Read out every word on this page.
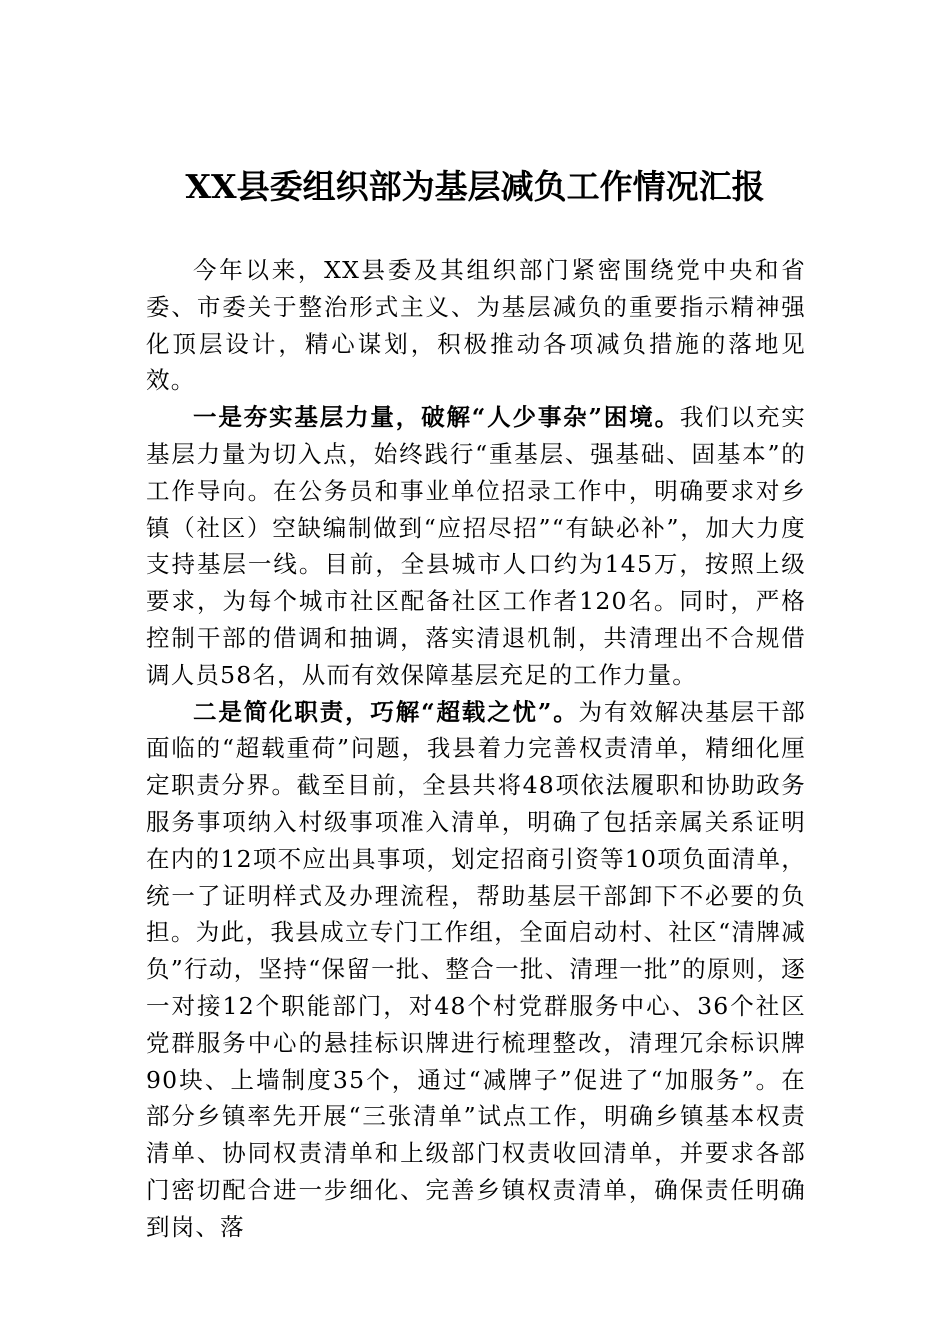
XX县委组织部为基层减负工作情况汇报

今年以来，XX县委及其组织部门紧密围绕党中央和省委、市委关于整治形式主义、为基层减负的重要指示精神强化顶层设计，精心谋划，积极推动各项减负措施的落地见效。

一是夯实基层力量，破解“人少事杂”困境。我们以充实基层力量为切入点，始终践行“重基层、强基础、固基本”的工作导向。在公务员和事业单位招录工作中，明确要求对乡镇（社区）空缺编制做到“应招尽招”“有缺必补”，加大力度支持基层一线。目前，全县城市人口约为145万，按照上级要求，为每个城市社区配备社区工作者120名。同时，严格控制干部的借调和抽调，落实清退机制，共清理出不合规借调人员58名，从而有效保障基层充足的工作力量。

二是简化职责，巧解“超载之忧”。为有效解决基层干部面临的“超载重荷”问题，我县着力完善权责清单，精细化厘定职责分界。截至目前，全县共将48项依法履职和协助政务服务事项纳入村级事项准入清单，明确了包括亲属关系证明在内的12项不应出具事项，划定招商引资等10项负面清单，统一了证明样式及办理流程，帮助基层干部卸下不必要的负担。为此，我县成立专门工作组，全面启动村、社区“清牌减负”行动，坚持“保留一批、整合一批、清理一批”的原则，逐一对接12个职能部门，对48个村党群服务中心、36个社区党群服务中心的悬挂标识牌进行梳理整改，清理冗余标识牌90块、上墙制度35个，通过“减牌子”促进了“加服务”。在部分乡镇率先开展“三张清单”试点工作，明确乡镇基本权责清单、协同权责清单和上级部门权责收回清单，并要求各部门密切配合进一步细化、完善乡镇权责清单，确保责任明确到岗、落
